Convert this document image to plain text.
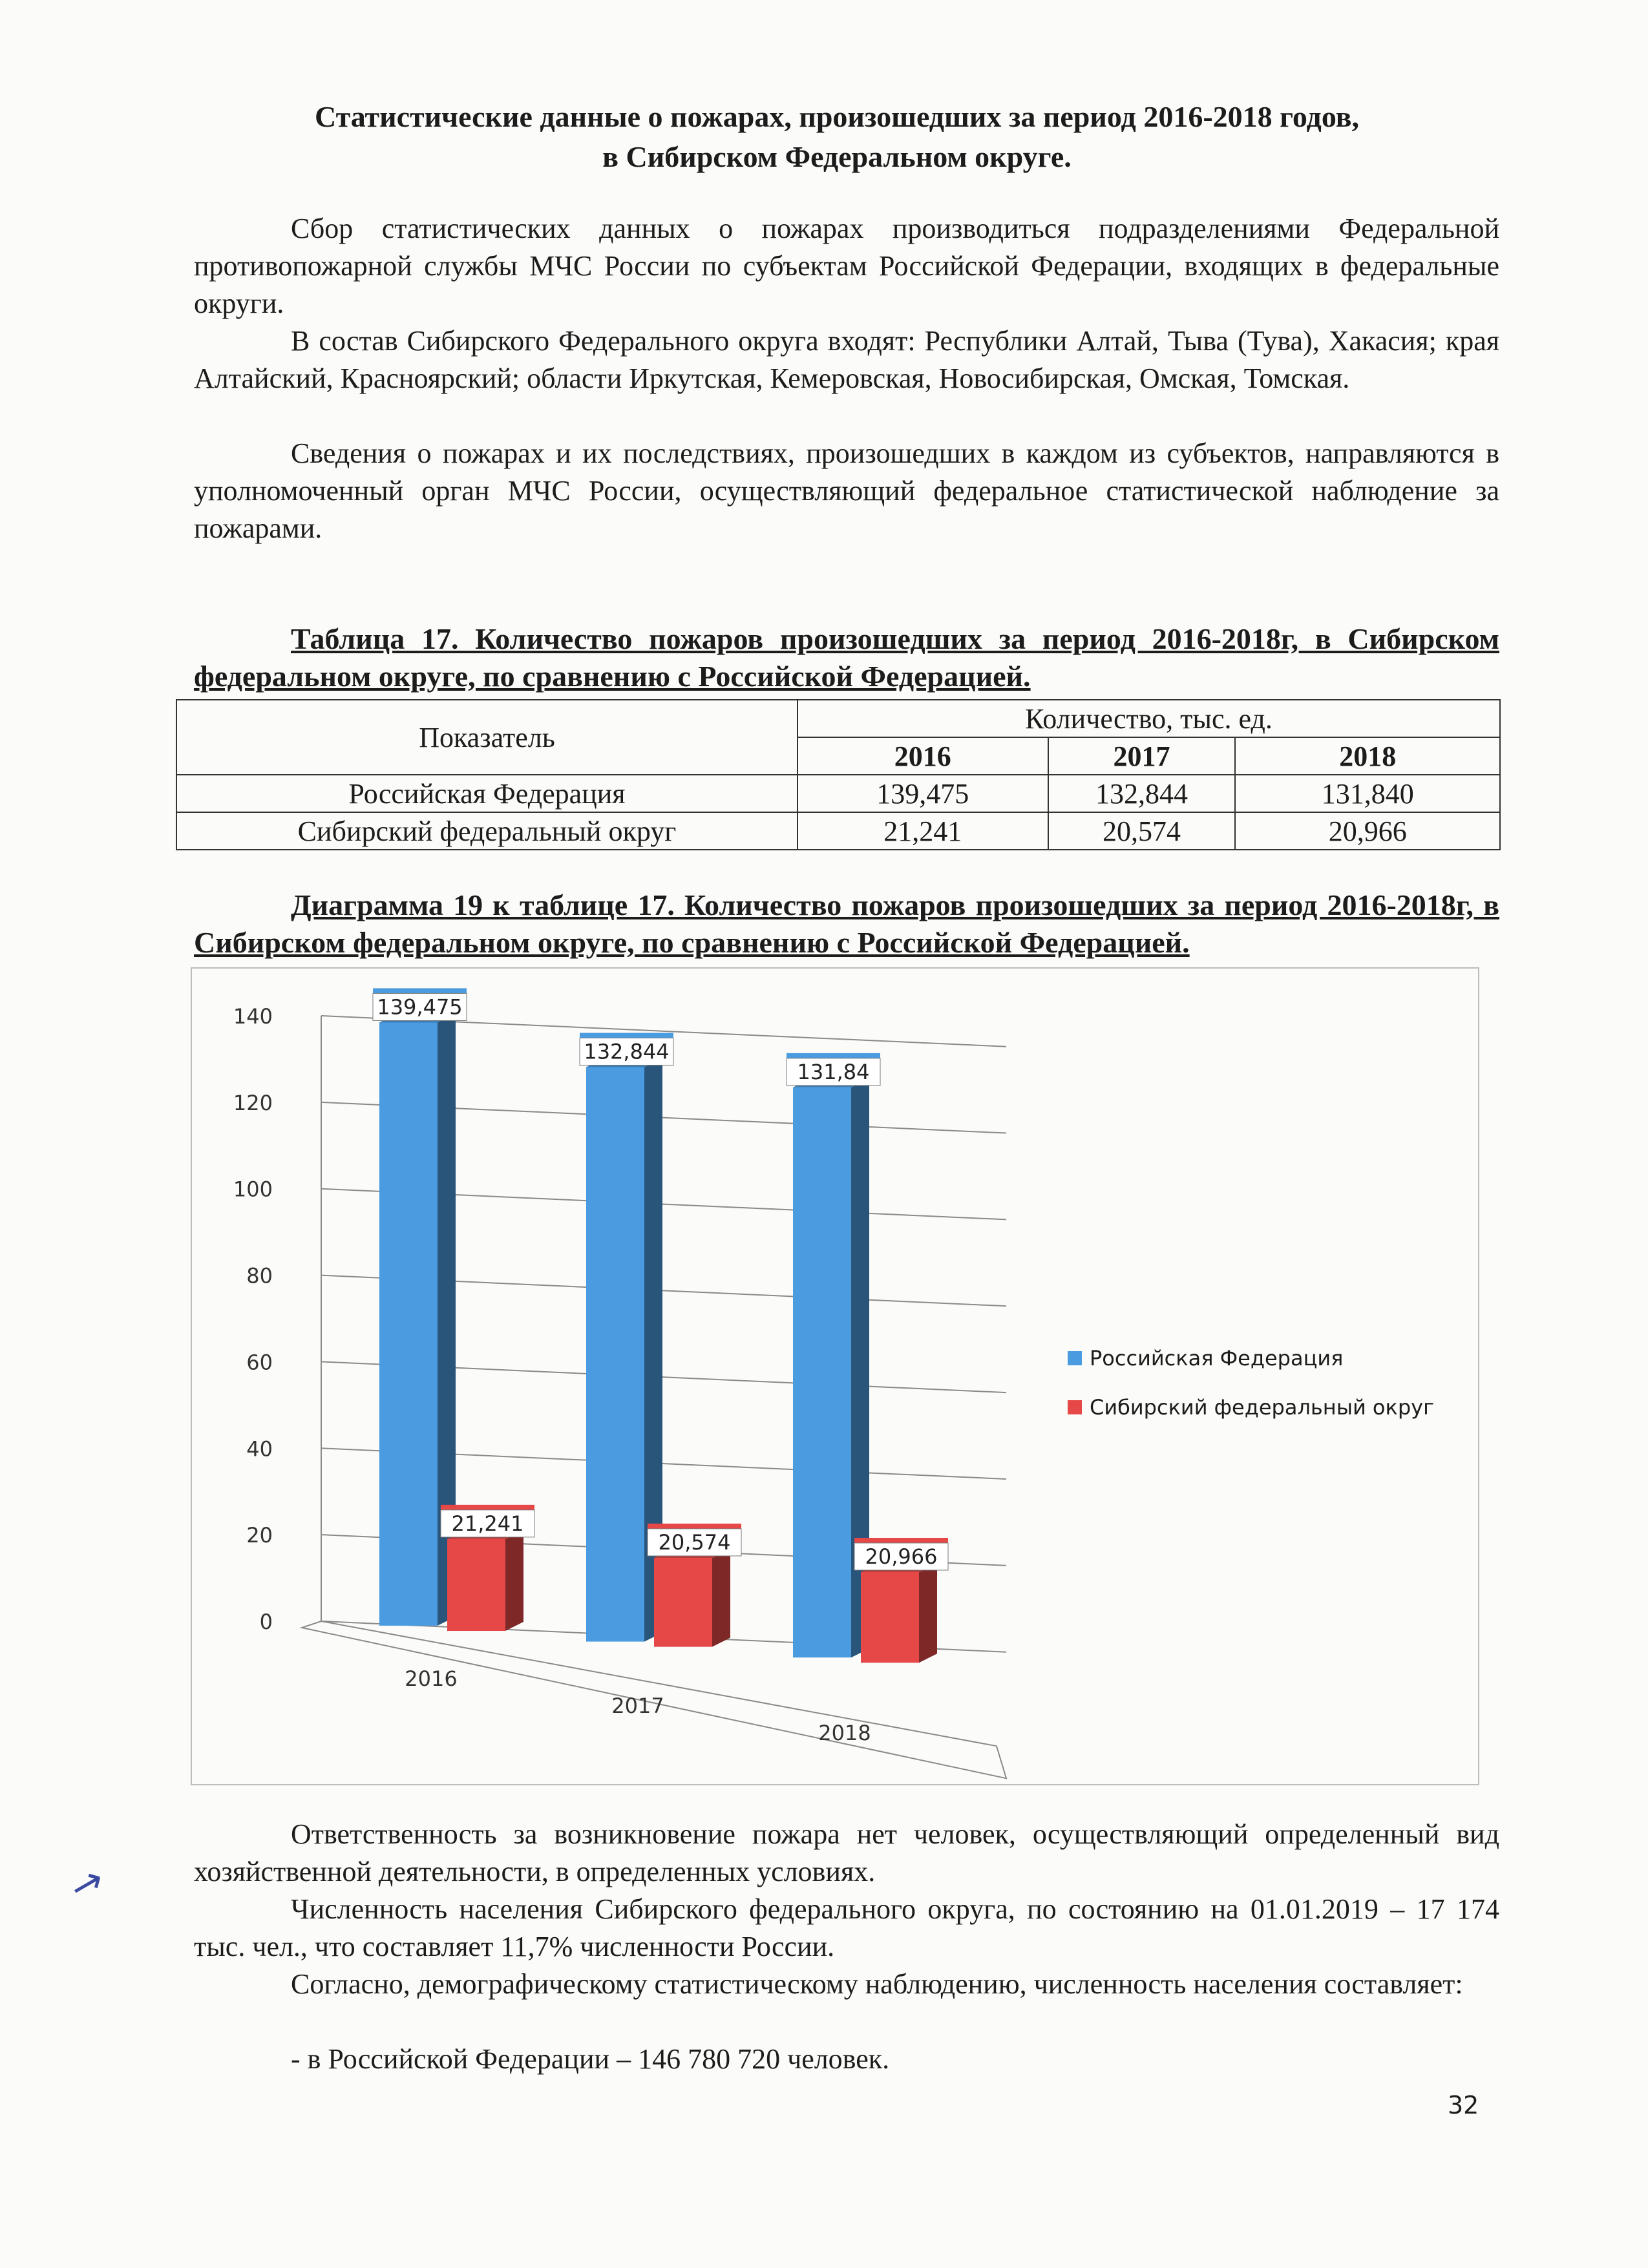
Статистические данные о пожарах, произошедших за период 2016-2018 годов,
в Сибирском Федеральном округе.
Сбор статистических данных о пожарах производиться подразделениями Федеральной противопожарной службы МЧС России по субъектам Российской Федерации, входящих в федеральные округи.
В состав Сибирского Федерального округа входят: Республики Алтай, Тыва (Тува), Хакасия; края Алтайский, Красноярский; области Иркутская, Кемеровская, Новосибирская, Омская, Томская.
Сведения о пожарах и их последствиях, произошедших в каждом из субъектов, направляются в уполномоченный орган МЧС России, осуществляющий федеральное статистической наблюдение за пожарами.
Таблица 17. Количество пожаров произошедших за период 2016-2018г, в Сибирском федеральном округе, по сравнению с Российской Федерацией.
Показатель	Количество, тыс. ед.		
	2016	2017	2018
Российская Федерация	139,475	132,844	131,840
Сибирский федеральный округ	21,241	20,574	20,966
Диаграмма 19 к таблице 17. Количество пожаров произошедших за период 2016-2018г, в Сибирском федеральном округе, по сравнению с Российской Федерацией.
0
20
40
60
80
100
120
140	139,475
21,241
2016
132,844
20,574
2017
131,84
20,966
2018
Российская Федерация
Сибирский федеральный округ
Ответственность за возникновение пожара нет человек, осуществляющий определенный вид хозяйственной деятельности, в определенных условиях.
Численность населения Сибирского федерального округа, по состоянию на 01.01.2019 – 17 174 тыс. чел., что составляет 11,7% численности России.
Согласно, демографическому статистическому наблюдению, численность населения составляет:
- в Российской Федерации – 146 780 720 человек.
↗
32
